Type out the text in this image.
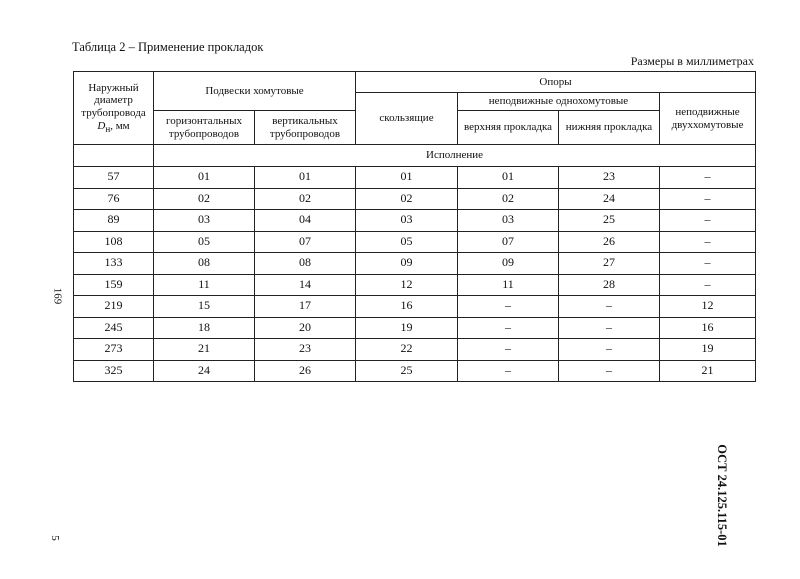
Таблица 2 – Применение прокладок
Размеры в миллиметрах
Наружный диаметр трубопровода
$D_н$, мм	Подвески хомутовые		Опоры			
			скользящие	неподвижные однохомутовые		неподвижные двуххомутовые
	горизонтальных трубопроводов	вертикальных трубопроводов		верхняя прокладка	нижняя прокладка	
	Исполнение					
57	01	01	01	01	23	–
76	02	02	02	02	24	–
89	03	04	03	03	25	–
108	05	07	05	07	26	–
133	08	08	09	09	27	–
159	11	14	12	11	28	–
219	15	17	16	–	–	12
245	18	20	19	–	–	16
273	21	23	22	–	–	19
325	24	26	25	–	–	21
169
5	ОСТ 24.125.115-01
